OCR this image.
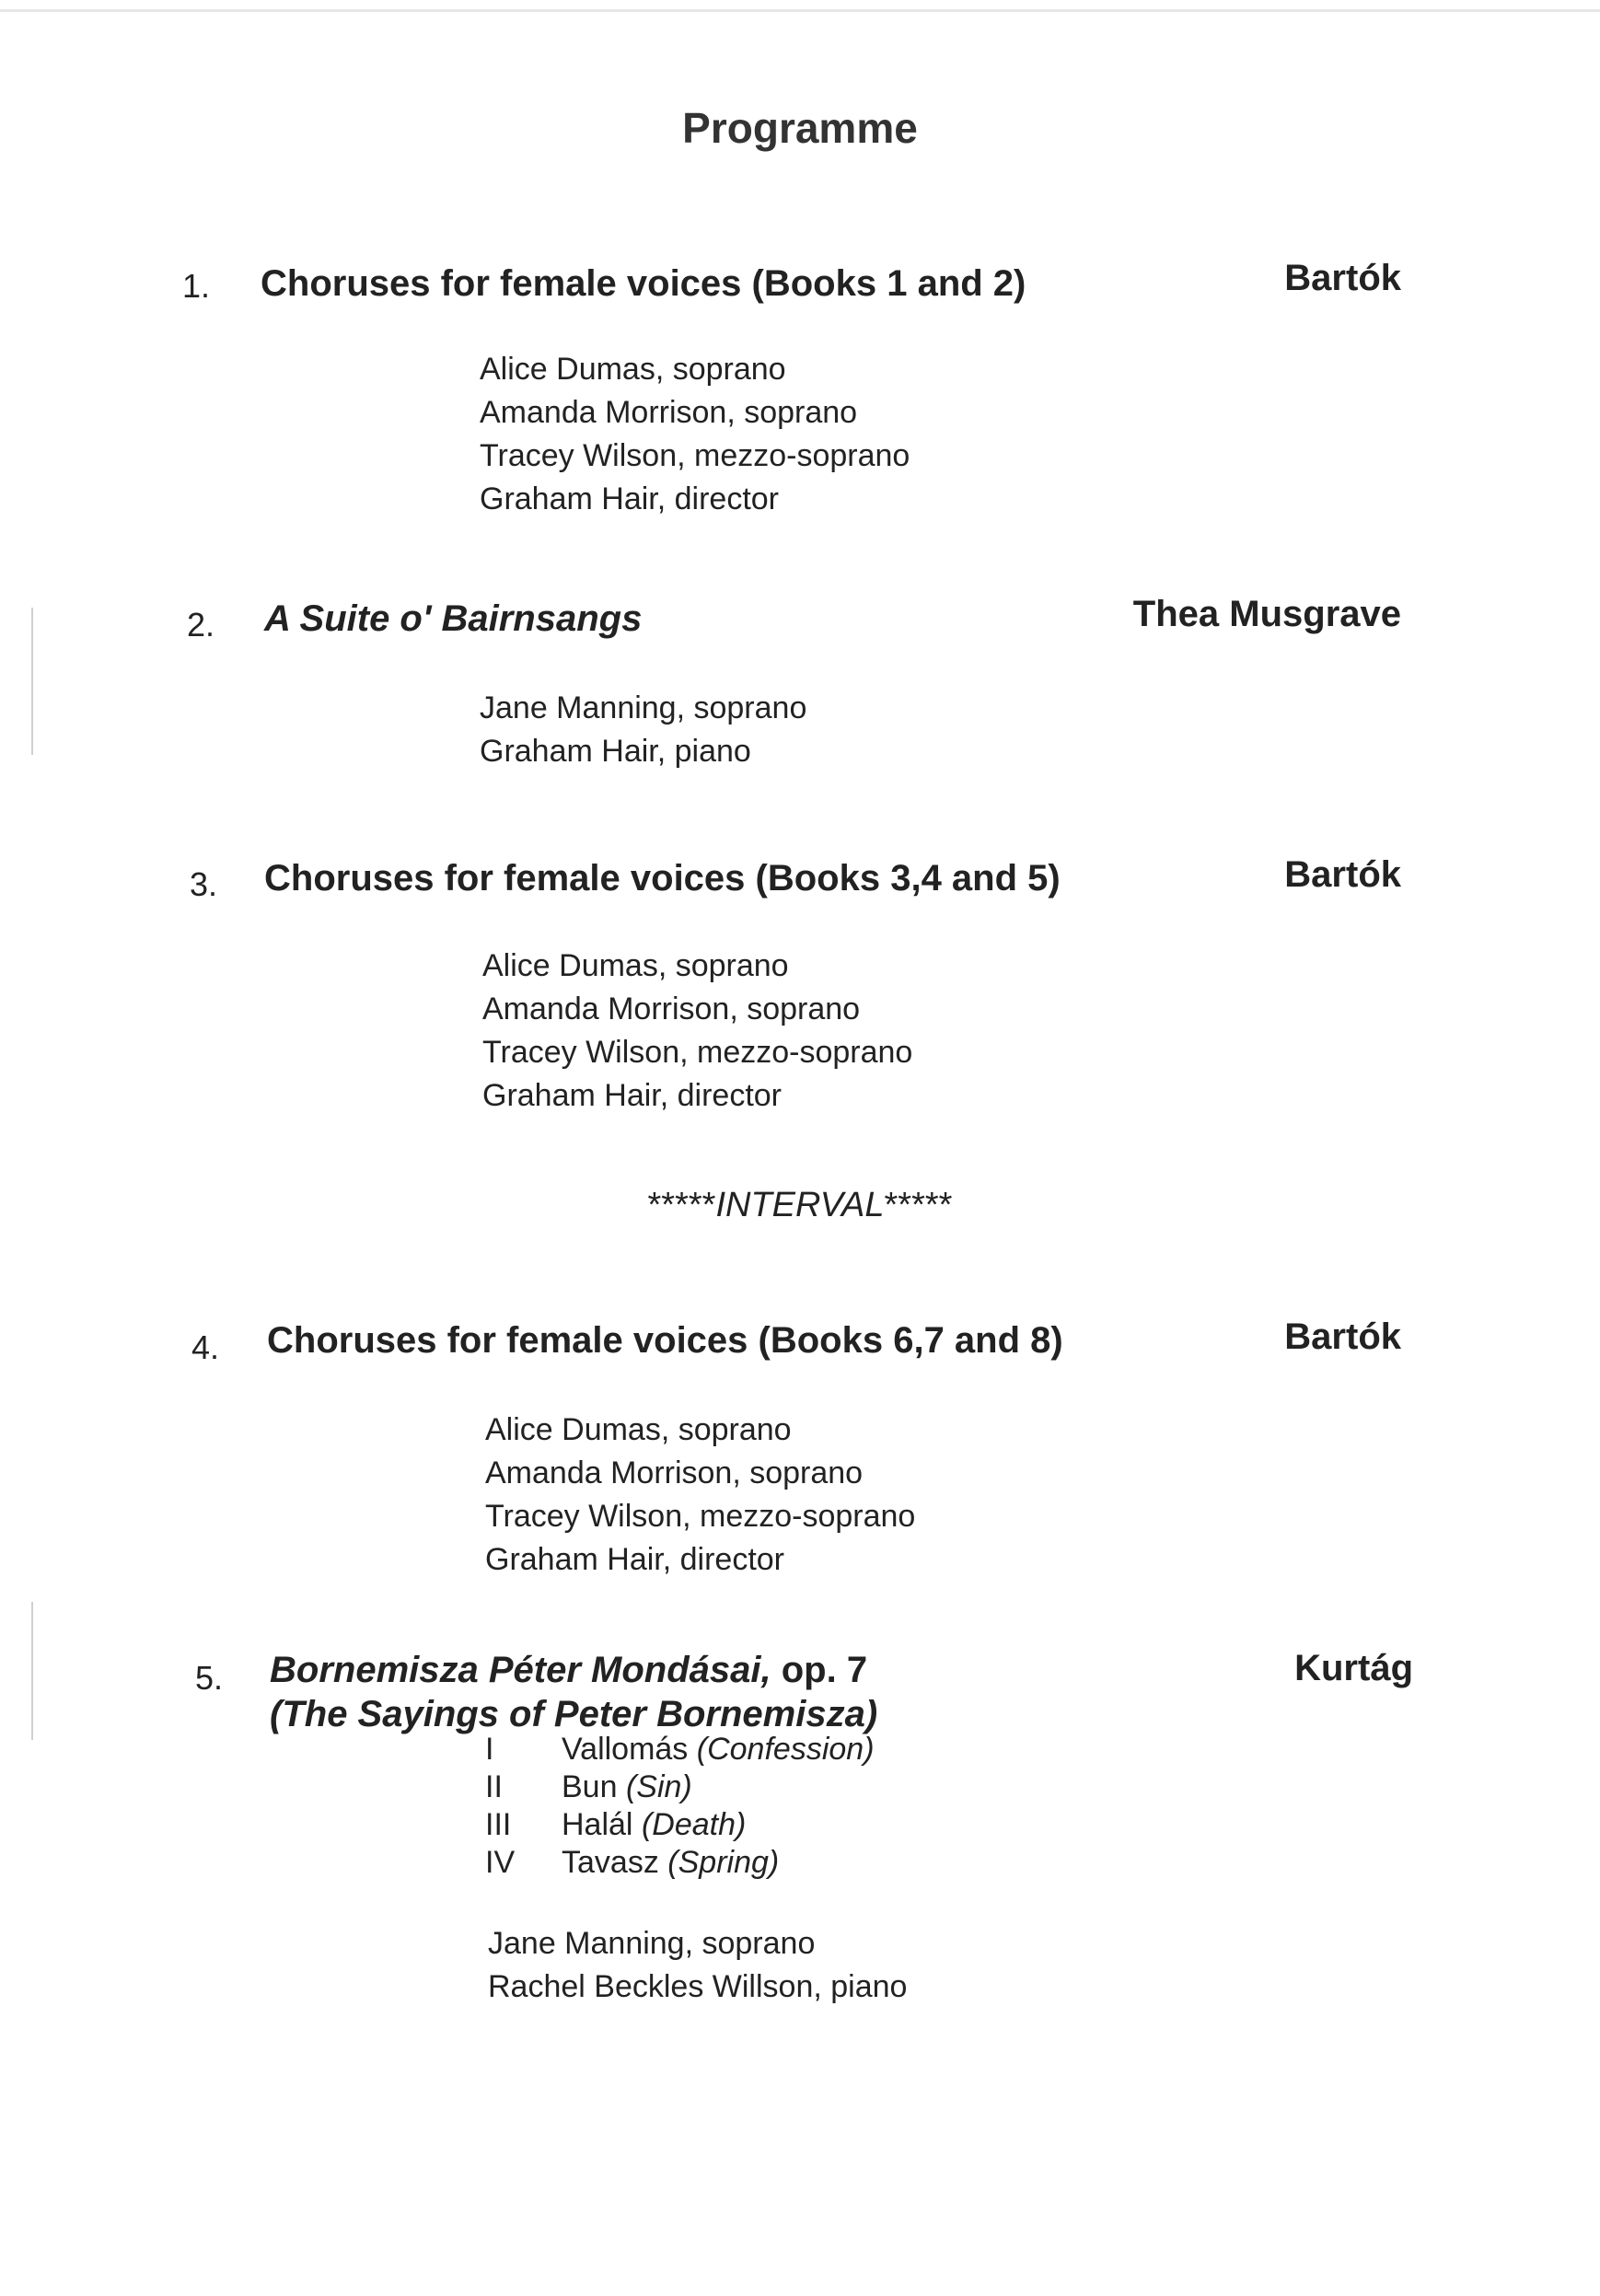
Programme
1. Choruses for female voices (Books 1 and 2)	Bartók
Alice Dumas, soprano
Amanda Morrison, soprano
Tracey Wilson, mezzo-soprano
Graham Hair, director
2. A Suite o' Bairnsangs	Thea Musgrave
Jane Manning, soprano
Graham Hair, piano
3. Choruses for female voices (Books 3,4 and 5)	Bartók
Alice Dumas, soprano
Amanda Morrison, soprano
Tracey Wilson, mezzo-soprano
Graham Hair, director
*****INTERVAL*****
4. Choruses for female voices (Books 6,7 and 8)	Bartók
Alice Dumas, soprano
Amanda Morrison, soprano
Tracey Wilson, mezzo-soprano
Graham Hair, director
5. Bornemisza Péter Mondásai, op. 7
(The Sayings of Peter Bornemisza)
Kurtág
I	Vallomás (Confession)
II	Bun (Sin)
III	Halál (Death)
IV	Tavasz (Spring)
Jane Manning, soprano
Rachel Beckles Willson, piano
